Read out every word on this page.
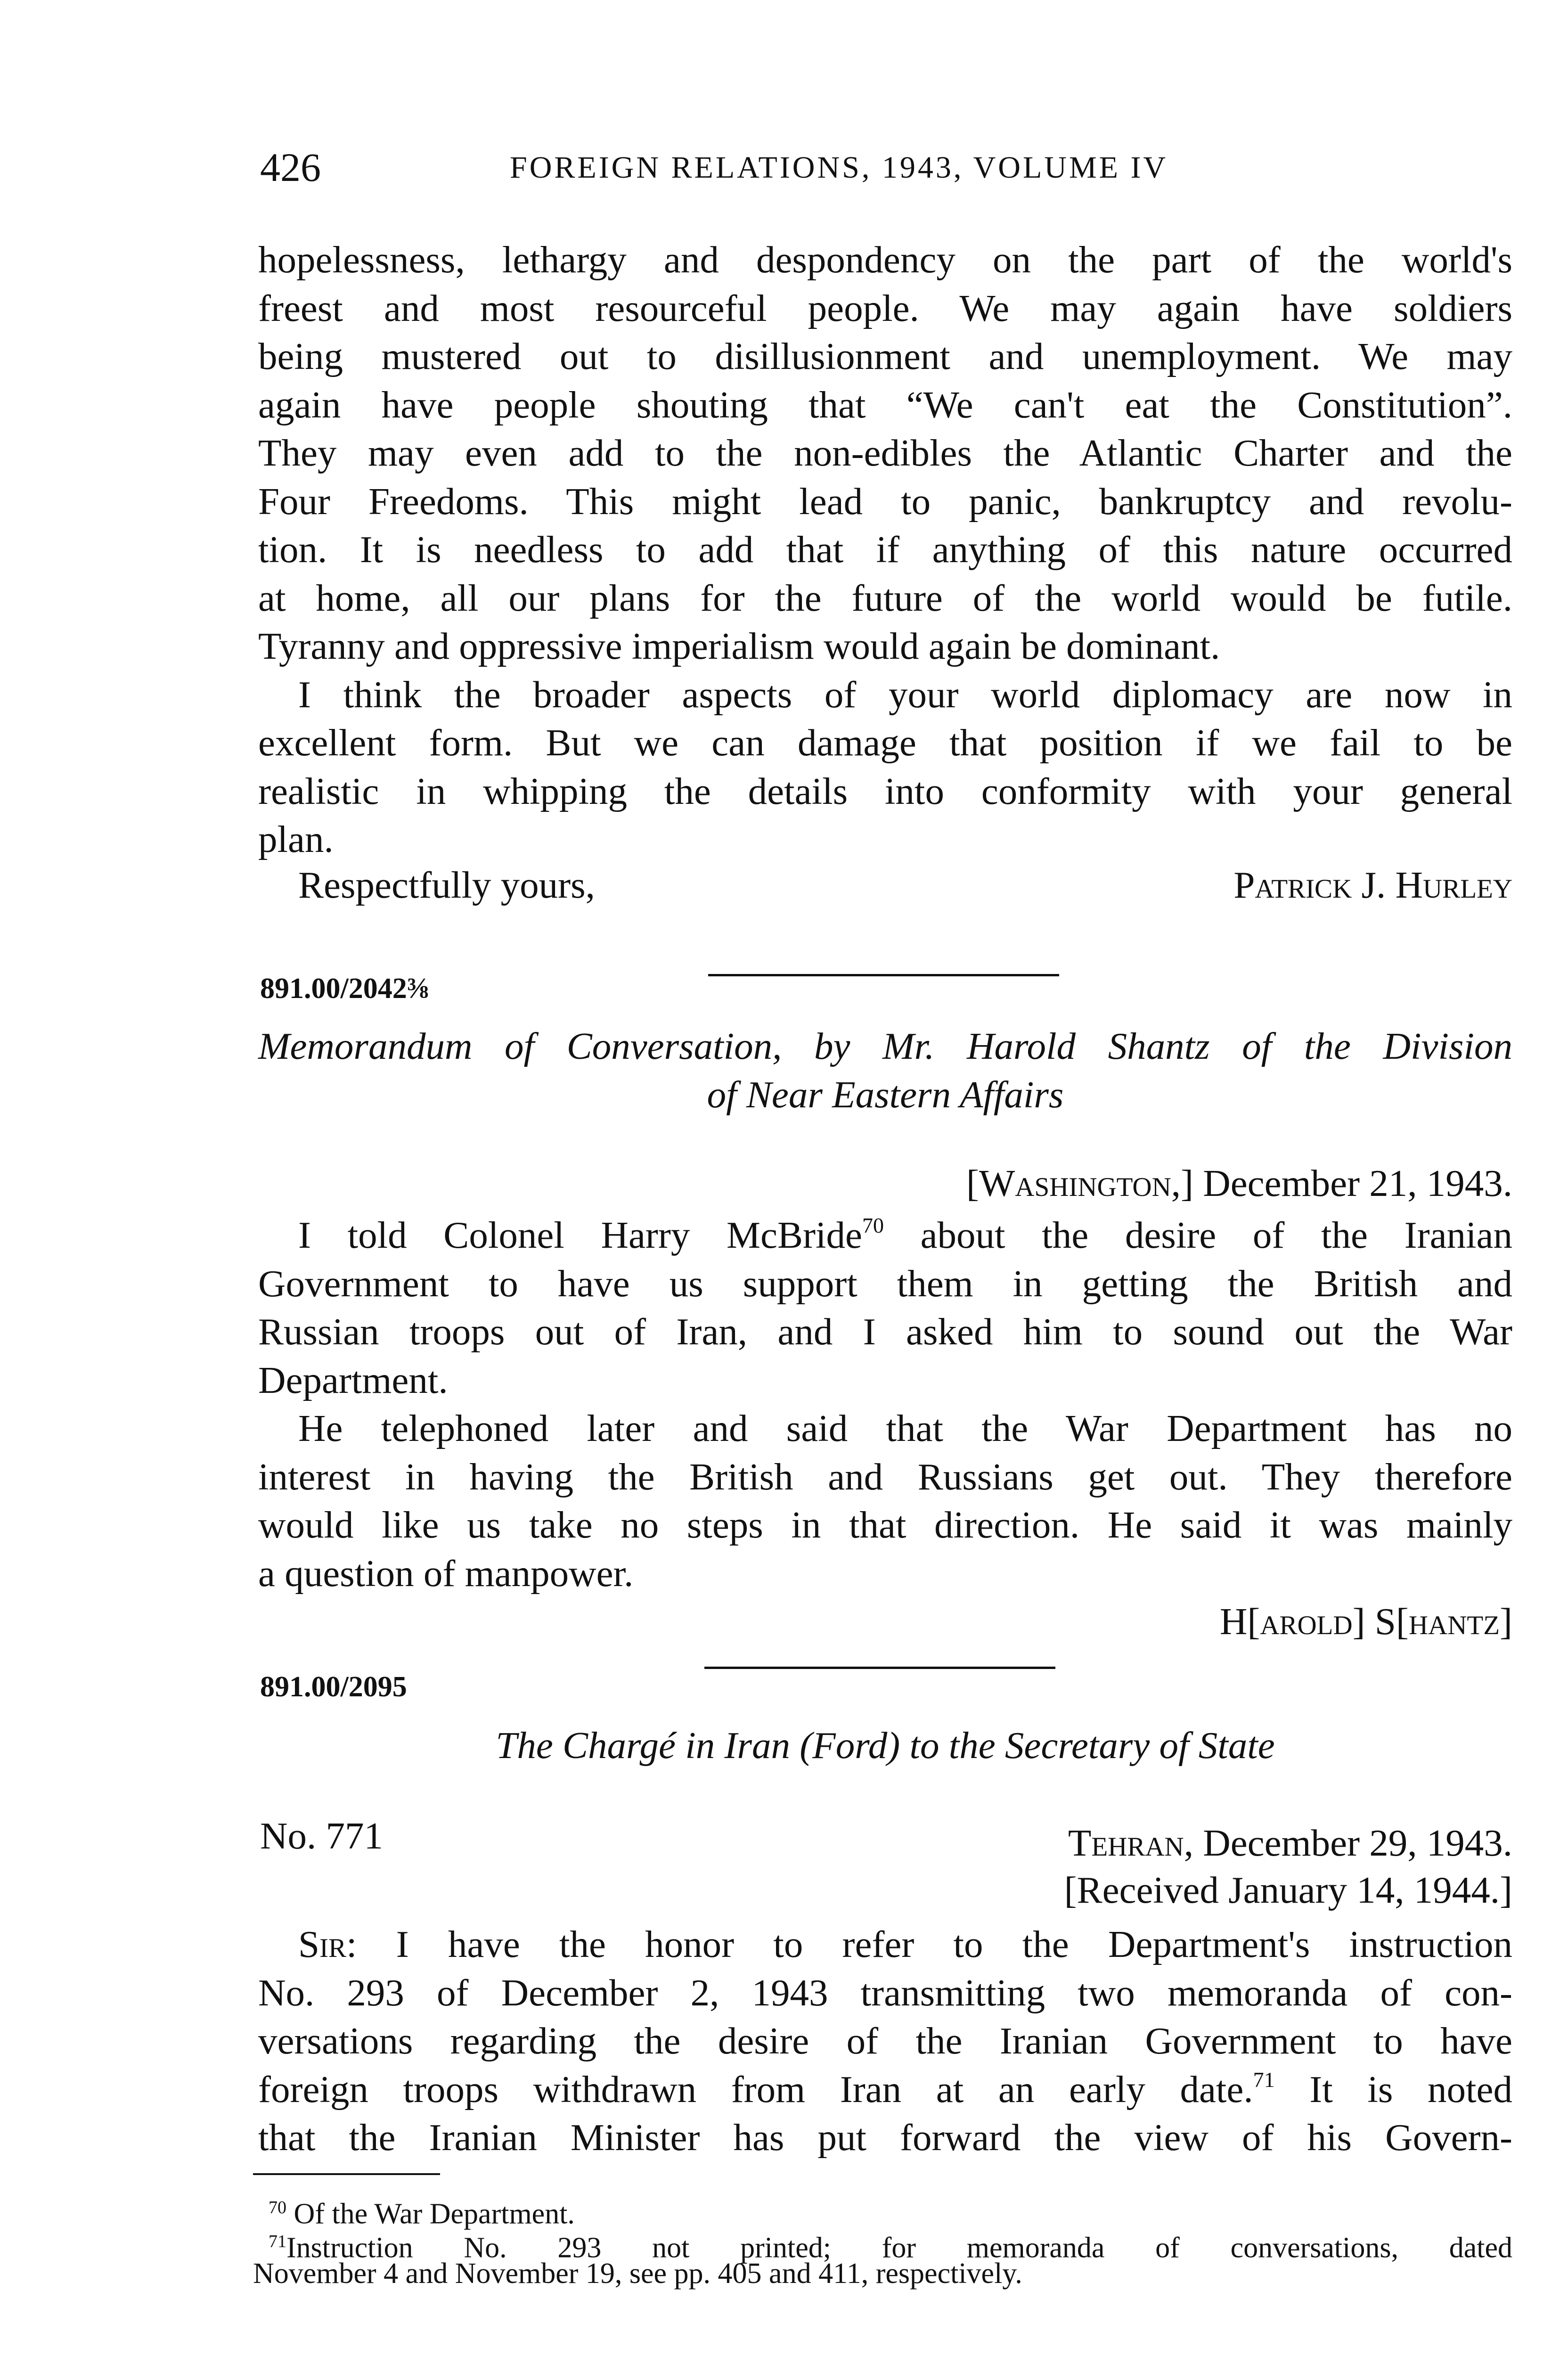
426	FOREIGN RELATIONS, 1943, VOLUME IV
hopelessness, lethargy and despondency on the part of the world's
freest and most resourceful people. We may again have soldiers
being mustered out to disillusionment and unemployment. We may
again have people shouting that “We can't eat the Constitution”.
They may even add to the non-edibles the Atlantic Charter and the
Four Freedoms. This might lead to panic, bankruptcy and revolu-
tion. It is needless to add that if anything of this nature occurred
at home, all our plans for the future of the world would be futile.
Tyranny and oppressive imperialism would again be dominant.
I think the broader aspects of your world diplomacy are now in
excellent form. But we can damage that position if we fail to be
realistic in whipping the details into conformity with your general
plan.
Respectfully yours,	Patrick J. Hurley
891.00/2042⅜
Memorandum of Conversation, by Mr. Harold Shantz of the Division
of Near Eastern Affairs
[Washington,] December 21, 1943.
I told Colonel Harry McBride$^{70}$ about the desire of the Iranian
Government to have us support them in getting the British and
Russian troops out of Iran, and I asked him to sound out the War
Department.
He telephoned later and said that the War Department has no
interest in having the British and Russians get out. They therefore
would like us take no steps in that direction. He said it was mainly
a question of manpower.
H[arold] S[hantz]
891.00/2095
The Chargé in Iran (Ford) to the Secretary of State
No. 771	Tehran, December 29, 1943.
[Received January 14, 1944.]
Sir: I have the honor to refer to the Department's instruction
No. 293 of December 2, 1943 transmitting two memoranda of con-
versations regarding the desire of the Iranian Government to have
foreign troops withdrawn from Iran at an early date.$^{71}$ It is noted
that the Iranian Minister has put forward the view of his Govern-
$^{70}$ Of the War Department.
$^{71}$Instruction No. 293 not printed; for memoranda of conversations, dated
November 4 and November 19, see pp. 405 and 411, respectively.
